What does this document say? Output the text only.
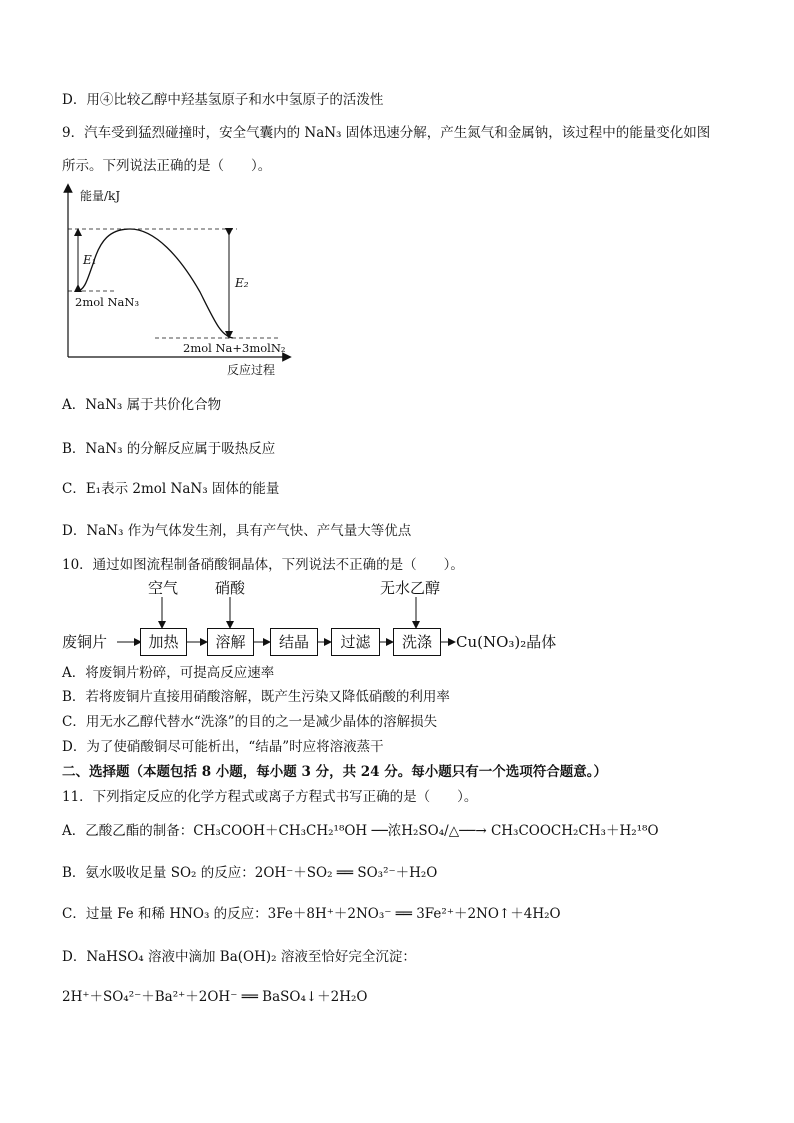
D．用④比较乙醇中羟基氢原子和水中氢原子的活泼性
9．汽车受到猛烈碰撞时，安全气囊内的 NaN₃ 固体迅速分解，产生氮气和金属钠，该过程中的能量变化如图
所示。下列说法正确的是（　　）。
能量/kJ
反应过程
E₁
E₂
2mol NaN₃
2mol Na+3molN₂
A．NaN₃ 属于共价化合物
B．NaN₃ 的分解反应属于吸热反应
C．E₁表示 2mol NaN₃ 固体的能量
D．NaN₃ 作为气体发生剂，具有产气快、产气量大等优点
10．通过如图流程制备硝酸铜晶体，下列说法不正确的是（　　）。
空气 硝酸	无水乙醇
废铜片	加热	溶解	结晶	过滤	洗涤	Cu(NO₃)₂晶体
A．将废铜片粉碎，可提高反应速率
B．若将废铜片直接用硝酸溶解，既产生污染又降低硝酸的利用率
C．用无水乙醇代替水“洗涤”的目的之一是减少晶体的溶解损失
D．为了使硝酸铜尽可能析出，“结晶”时应将溶液蒸干
二、选择题（本题包括 8 小题，每小题 3 分，共 24 分。每小题只有一个选项符合题意。）
11．下列指定反应的化学方程式或离子方程式书写正确的是（　　）。
A．乙酸乙酯的制备：CH₃COOH＋CH₃CH₂¹⁸OH ──浓H₂SO₄/△──→ CH₃COOCH₂CH₃＋H₂¹⁸O
B．氨水吸收足量 SO₂ 的反应：2OH⁻＋SO₂ ══ SO₃²⁻＋H₂O
C．过量 Fe 和稀 HNO₃ 的反应：3Fe＋8H⁺＋2NO₃⁻ ══ 3Fe²⁺＋2NO↑＋4H₂O
D．NaHSO₄ 溶液中滴加 Ba(OH)₂ 溶液至恰好完全沉淀：
2H⁺＋SO₄²⁻＋Ba²⁺＋2OH⁻ ══ BaSO₄↓＋2H₂O
